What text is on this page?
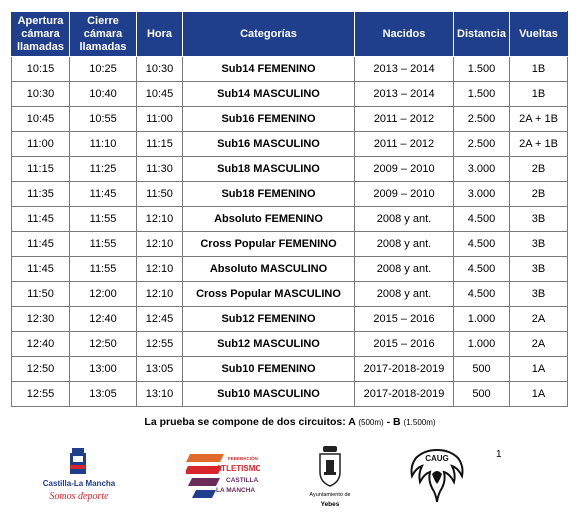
Apertura cámara llamadas	Cierre cámara llamadas	Hora	Categorías	Nacidos	Distancia	Vueltas
10:15	10:25	10:30	Sub14 FEMENINO	2013 – 2014	1.500	1B
10:30	10:40	10:45	Sub14 MASCULINO	2013 – 2014	1.500	1B
10:45	10:55	11:00	Sub16 FEMENINO	2011 – 2012	2.500	2A + 1B
11:00	11:10	11:15	Sub16 MASCULINO	2011 – 2012	2.500	2A + 1B
11:15	11:25	11:30	Sub18 MASCULINO	2009 – 2010	3.000	2B
11:35	11:45	11:50	Sub18 FEMENINO	2009 – 2010	3.000	2B
11:45	11:55	12:10	Absoluto FEMENINO	2008 y ant.	4.500	3B
11:45	11:55	12:10	Cross Popular FEMENINO	2008 y ant.	4.500	3B
11:45	11:55	12:10	Absoluto MASCULINO	2008 y ant.	4.500	3B
11:50	12:00	12:10	Cross Popular MASCULINO	2008 y ant.	4.500	3B
12:30	12:40	12:45	Sub12 FEMENINO	2015 – 2016	1.000	2A
12:40	12:50	12:55	Sub12 MASCULINO	2015 – 2016	1.000	2A
12:50	13:00	13:05	Sub10 FEMENINO	2017-2018-2019	500	1A
12:55	13:05	13:10	Sub10 MASCULINO	2017-2018-2019	500	1A
La prueba se compone de dos circuitos: A (500m) - B (1.500m)
Castilla-La Mancha
Somos deporte
FEDERACIÓN
ATLETISMO
CASTILLA
LA MANCHA
Ayuntamiento de
Yebes
CAUG	1
